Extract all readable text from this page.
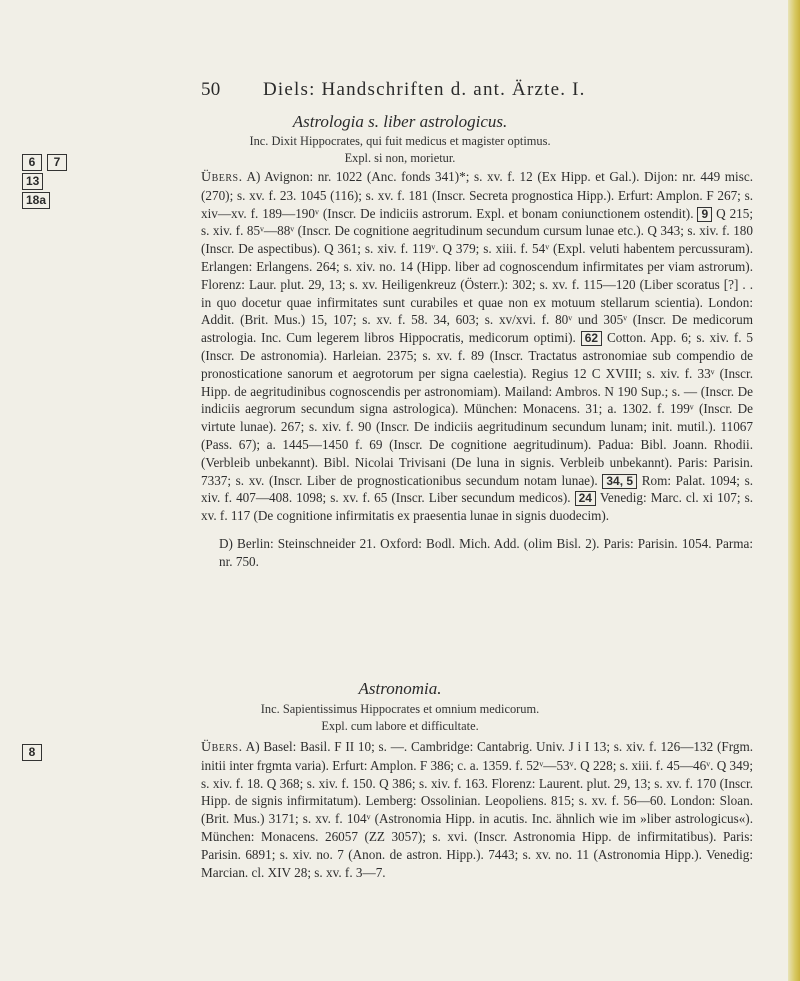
50	Diels: Handschriften d. ant. Ärzte. I.
Astrologia s. liber astrologicus.
Inc. Dixit Hippocrates, qui fuit medicus et magister optimus.
Expl. si non, morietur.
6 7
13
18a

Übers. A) Avignon: nr. 1022 (Anc. fonds 341)*; s. xv. f. 12 (Ex Hipp. et Gal.). Dijon: nr. 449 misc. (270); s. xv. f. 23. 1045 (116); s. xv. f. 181 (Inscr. Secreta prognostica Hipp.). Erfurt: Amplon. F 267; s. xiv—xv. f. 189—190ᵛ (Inscr. De indiciis astrorum. Expl. et bonam coniunctionem ostendit). 9 Q 215; s. xiv. f. 85ᵛ—88ᵛ (Inscr. De cognitione aegritudinum secundum cursum lunae etc.). Q 343; s. xiv. f. 180 (Inscr. De aspectibus). Q 361; s. xiv. f. 119ᵛ. Q 379; s. xiii. f. 54ᵛ (Expl. veluti habentem percussuram). Erlangen: Erlangens. 264; s. xiv. no. 14 (Hipp. liber ad cognoscendum infirmitates per viam astrorum). Florenz: Laur. plut. 29, 13; s. xv. Heiligenkreuz (Österr.): 302; s. xv. f. 115—120 (Liber scoratus [?] . . in quo docetur quae infirmitates sunt curabiles et quae non ex motuum stellarum scientia). London: Addit. (Brit. Mus.) 15, 107; s. xv. f. 58. 34, 603; s. xv/xvi. f. 80ᵛ und 305ᵛ (Inscr. De medicorum astrologia. Inc. Cum legerem libros Hippocratis, medicorum optimi). 62 Cotton. App. 6; s. xiv. f. 5 (Inscr. De astronomia). Harleian. 2375; s. xv. f. 89 (Inscr. Tractatus astronomiae sub compendio de pronosticatione sanorum et aegrotorum per signa caelestia). Regius 12 C XVIII; s. xiv. f. 33ᵛ (Inscr. Hipp. de aegritudinibus cognoscendis per astronomiam). Mailand: Ambros. N 190 Sup.; s. — (Inscr. De indiciis aegrorum secundum signa astrologica). München: Monacens. 31; a. 1302. f. 199ᵛ (Inscr. De virtute lunae). 267; s. xiv. f. 90 (Inscr. De indiciis aegritudinum secundum lunam; init. mutil.). 11067 (Pass. 67); a. 1445—1450 f. 69 (Inscr. De cognitione aegritudinum). Padua: Bibl. Joann. Rhodii. (Verbleib unbekannt). Bibl. Nicolai Trivisani (De luna in signis. Verbleib unbekannt). Paris: Parisin. 7337; s. xv. (Inscr. Liber de prognosticationibus secundum notam lunae). 34, 5 Rom: Palat. 1094; s. xiv. f. 407—408. 1098; s. xv. f. 65 (Inscr. Liber secundum medicos). 24 Venedig: Marc. cl. xi 107; s. xv. f. 117 (De cognitione infirmitatis ex praesentia lunae in signis duodecim).

D) Berlin: Steinschneider 21. Oxford: Bodl. Mich. Add. (olim Bisl. 2). Paris: Parisin. 1054. Parma: nr. 750.

Astronomia.
Inc. Sapientissimus Hippocrates et omnium medicorum.
Expl. cum labore et difficultate.
8	Übers. A) Basel: Basil. F II 10; s. —. Cambridge: Cantabrig. Univ. J i I 13; s. xiv. f. 126—132 (Frgm. initii inter frgmta varia). Erfurt: Amplon. F 386; c. a. 1359. f. 52ᵛ—53ᵛ. Q 228; s. xiii. f. 45—46ᵛ. Q 349; s. xiv. f. 18. Q 368; s. xiv. f. 150. Q 386; s. xiv. f. 163. Florenz: Laurent. plut. 29, 13; s. xv. f. 170 (Inscr. Hipp. de signis infirmitatum). Lemberg: Ossolinian. Leopoliens. 815; s. xv. f. 56—60. London: Sloan. (Brit. Mus.) 3171; s. xv. f. 104ᵛ (Astronomia Hipp. in acutis. Inc. ähnlich wie im »liber astrologicus«). München: Monacens. 26057 (ZZ 3057); s. xvi. (Inscr. Astronomia Hipp. de infirmitatibus). Paris: Parisin. 6891; s. xiv. no. 7 (Anon. de astron. Hipp.). 7443; s. xv. no. 11 (Astronomia Hipp.). Venedig: Marcian. cl. XIV 28; s. xv. f. 3—7.
